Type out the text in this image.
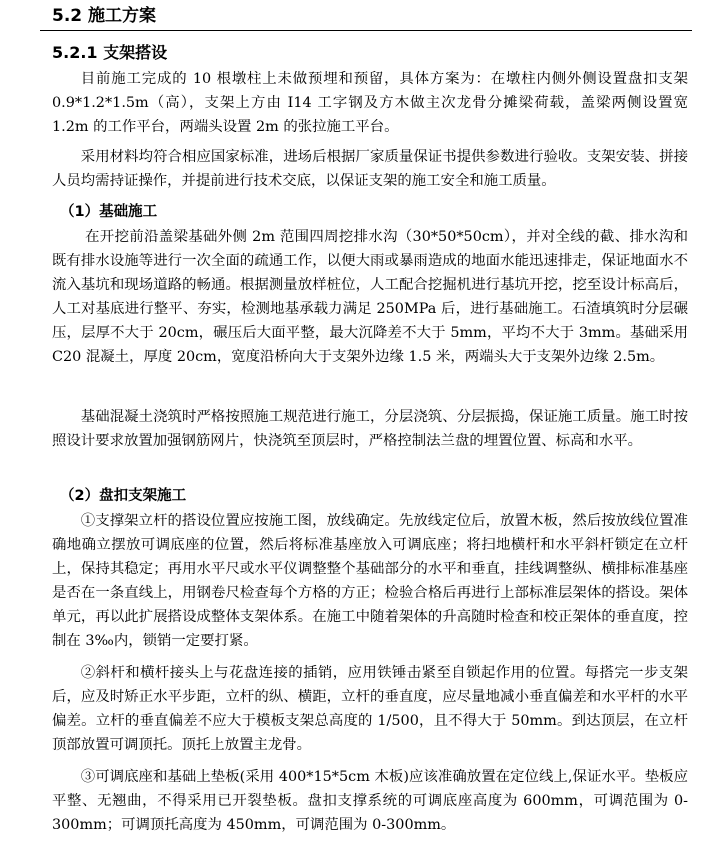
5.2 施工方案
5.2.1 支架搭设

目前施工完成的 10 根墩柱上未做预埋和预留，具体方案为：在墩柱内侧外侧设置盘扣支架 0.9*1.2*1.5m（高），支架上方由 I14 工字钢及方木做主次龙骨分摊梁荷载，盖梁两侧设置宽 1.2m 的工作平台，两端头设置 2m 的张拉施工平台。

采用材料均符合相应国家标准，进场后根据厂家质量保证书提供参数进行验收。支架安装、拼接人员均需持证操作，并提前进行技术交底，以保证支架的施工安全和施工质量。

（1）基础施工

在开挖前沿盖梁基础外侧 2m 范围四周挖排水沟（30*50*50cm），并对全线的截、排水沟和既有排水设施等进行一次全面的疏通工作，以便大雨或暴雨造成的地面水能迅速排走，保证地面水不流入基坑和现场道路的畅通。根据测量放样桩位，人工配合挖掘机进行基坑开挖，挖至设计标高后，人工对基底进行整平、夯实，检测地基承载力满足 250MPa 后，进行基础施工。石渣填筑时分层碾压，层厚不大于 20cm，碾压后大面平整，最大沉降差不大于 5mm，平均不大于 3mm。基础采用 C20 混凝土，厚度 20cm，宽度沿桥向大于支架外边缘 1.5 米，两端头大于支架外边缘 2.5m。

基础混凝土浇筑时严格按照施工规范进行施工，分层浇筑、分层振捣，保证施工质量。施工时按照设计要求放置加强钢筋网片，快浇筑至顶层时，严格控制法兰盘的埋置位置、标高和水平。

（2）盘扣支架施工

①支撑架立杆的搭设位置应按施工图，放线确定。先放线定位后，放置木板，然后按放线位置准确地确立摆放可调底座的位置，然后将标准基座放入可调底座；将扫地横杆和水平斜杆锁定在立杆上，保持其稳定；再用水平尺或水平仪调整整个基础部分的水平和垂直，挂线调整纵、横排标准基座是否在一条直线上，用钢卷尺检查每个方格的方正；检验合格后再进行上部标准层架体的搭设。架体单元，再以此扩展搭设成整体支架体系。在施工中随着架体的升高随时检查和校正架体的垂直度，控制在 3‰内，锁销一定要打紧。

②斜杆和横杆接头上与花盘连接的插销，应用铁锤击紧至自锁起作用的位置。每搭完一步支架后，应及时矫正水平步距，立杆的纵、横距，立杆的垂直度，应尽量地减小垂直偏差和水平杆的水平偏差。立杆的垂直偏差不应大于模板支架总高度的 1/500，且不得大于 50mm。到达顶层，在立杆顶部放置可调顶托。顶托上放置主龙骨。

③可调底座和基础上垫板(采用 400*15*5cm 木板)应该准确放置在定位线上,保证水平。垫板应平整、无翘曲，不得采用已开裂垫板。盘扣支撑系统的可调底座高度为 600mm，可调范围为 0-300mm；可调顶托高度为 450mm，可调范围为 0-300mm。
